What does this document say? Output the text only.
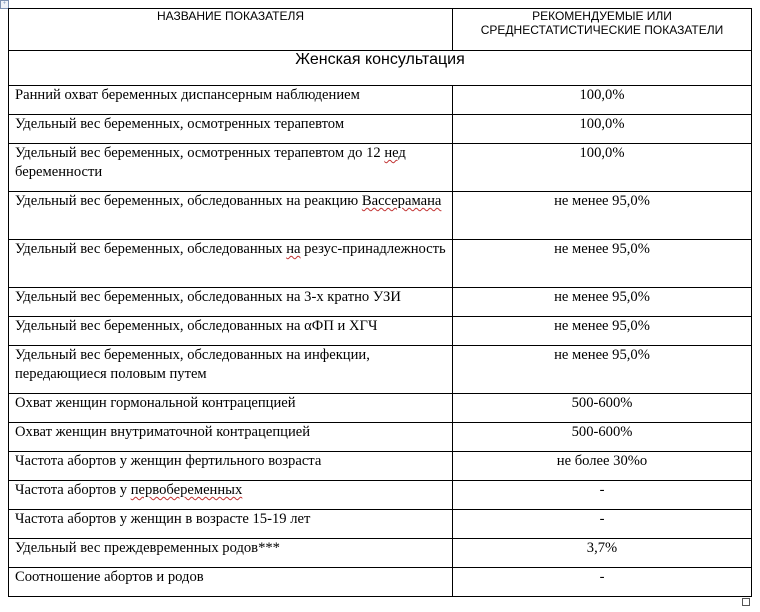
+
НАЗВАНИЕ ПОКАЗАТЕЛЯ	РЕКОМЕНДУЕМЫЕ ИЛИ
СРЕДНЕСТАТИСТИЧЕСКИЕ ПОКАЗАТЕЛИ
Женская консультация	
Ранний охват беременных диспансерным наблюдением	100,0%
Удельный вес беременных, осмотренных терапевтом	100,0%
Удельный вес беременных, осмотренных терапевтом до 12 нед беременности	100,0%
Удельный вес беременных, обследованных на реакцию Вассерамана	не менее 95,0%
Удельный вес беременных, обследованных на резус-принадлежность	не менее 95,0%
Удельный вес беременных, обследованных на 3-х кратно УЗИ	не менее 95,0%
Удельный вес беременных, обследованных на αФП и ХГЧ	не менее 95,0%
Удельный вес беременных, обследованных на инфекции, передающиеся половым путем	не менее 95,0%
Охват женщин гормональной контрацепцией	500-600%
Охват женщин внутриматочной контрацепцией	500-600%
Частота абортов у женщин фертильного возраста	не более 30%о
Частота абортов у первобеременных	-
Частота абортов у женщин в возрасте 15-19 лет	-
Удельный вес преждевременных родов***	3,7%
Соотношение абортов и родов	-
